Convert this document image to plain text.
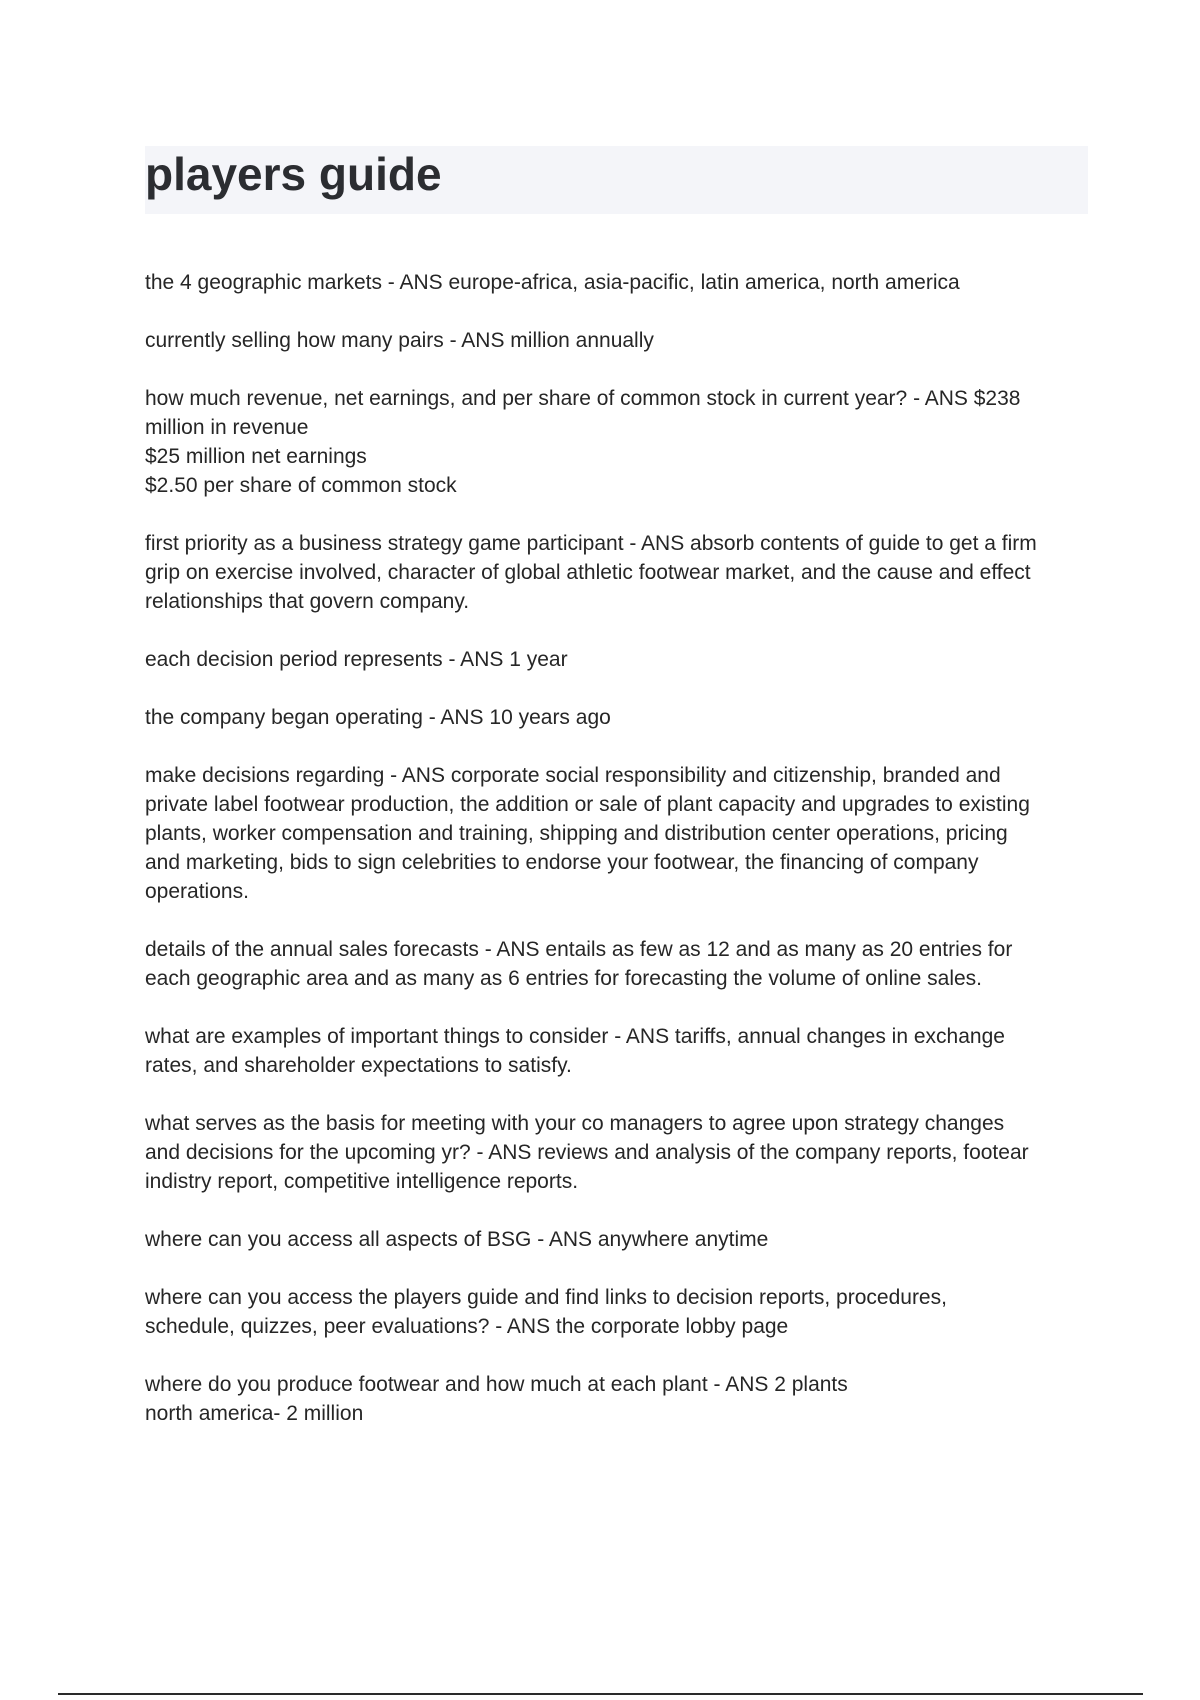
players guide

the 4 geographic markets - ANS europe-africa, asia-pacific, latin america, north america

currently selling how many pairs - ANS million annually

how much revenue, net earnings, and per share of common stock in current year? - ANS $238
million in revenue
$25 million net earnings
$2.50 per share of common stock

first priority as a business strategy game participant - ANS absorb contents of guide to get a firm
grip on exercise involved, character of global athletic footwear market, and the cause and effect
relationships that govern company.

each decision period represents - ANS 1 year

the company began operating - ANS 10 years ago

make decisions regarding - ANS corporate social responsibility and citizenship, branded and
private label footwear production, the addition or sale of plant capacity and upgrades to existing
plants, worker compensation and training, shipping and distribution center operations, pricing
and marketing, bids to sign celebrities to endorse your footwear, the financing of company
operations.

details of the annual sales forecasts - ANS entails as few as 12 and as many as 20 entries for
each geographic area and as many as 6 entries for forecasting the volume of online sales.

what are examples of important things to consider - ANS tariffs, annual changes in exchange
rates, and shareholder expectations to satisfy.

what serves as the basis for meeting with your co managers to agree upon strategy changes
and decisions for the upcoming yr? - ANS reviews and analysis of the company reports, footear
indistry report, competitive intelligence reports.

where can you access all aspects of BSG - ANS anywhere anytime

where can you access the players guide and find links to decision reports, procedures,
schedule, quizzes, peer evaluations? - ANS the corporate lobby page

where do you produce footwear and how much at each plant - ANS 2 plants
north america- 2 million
